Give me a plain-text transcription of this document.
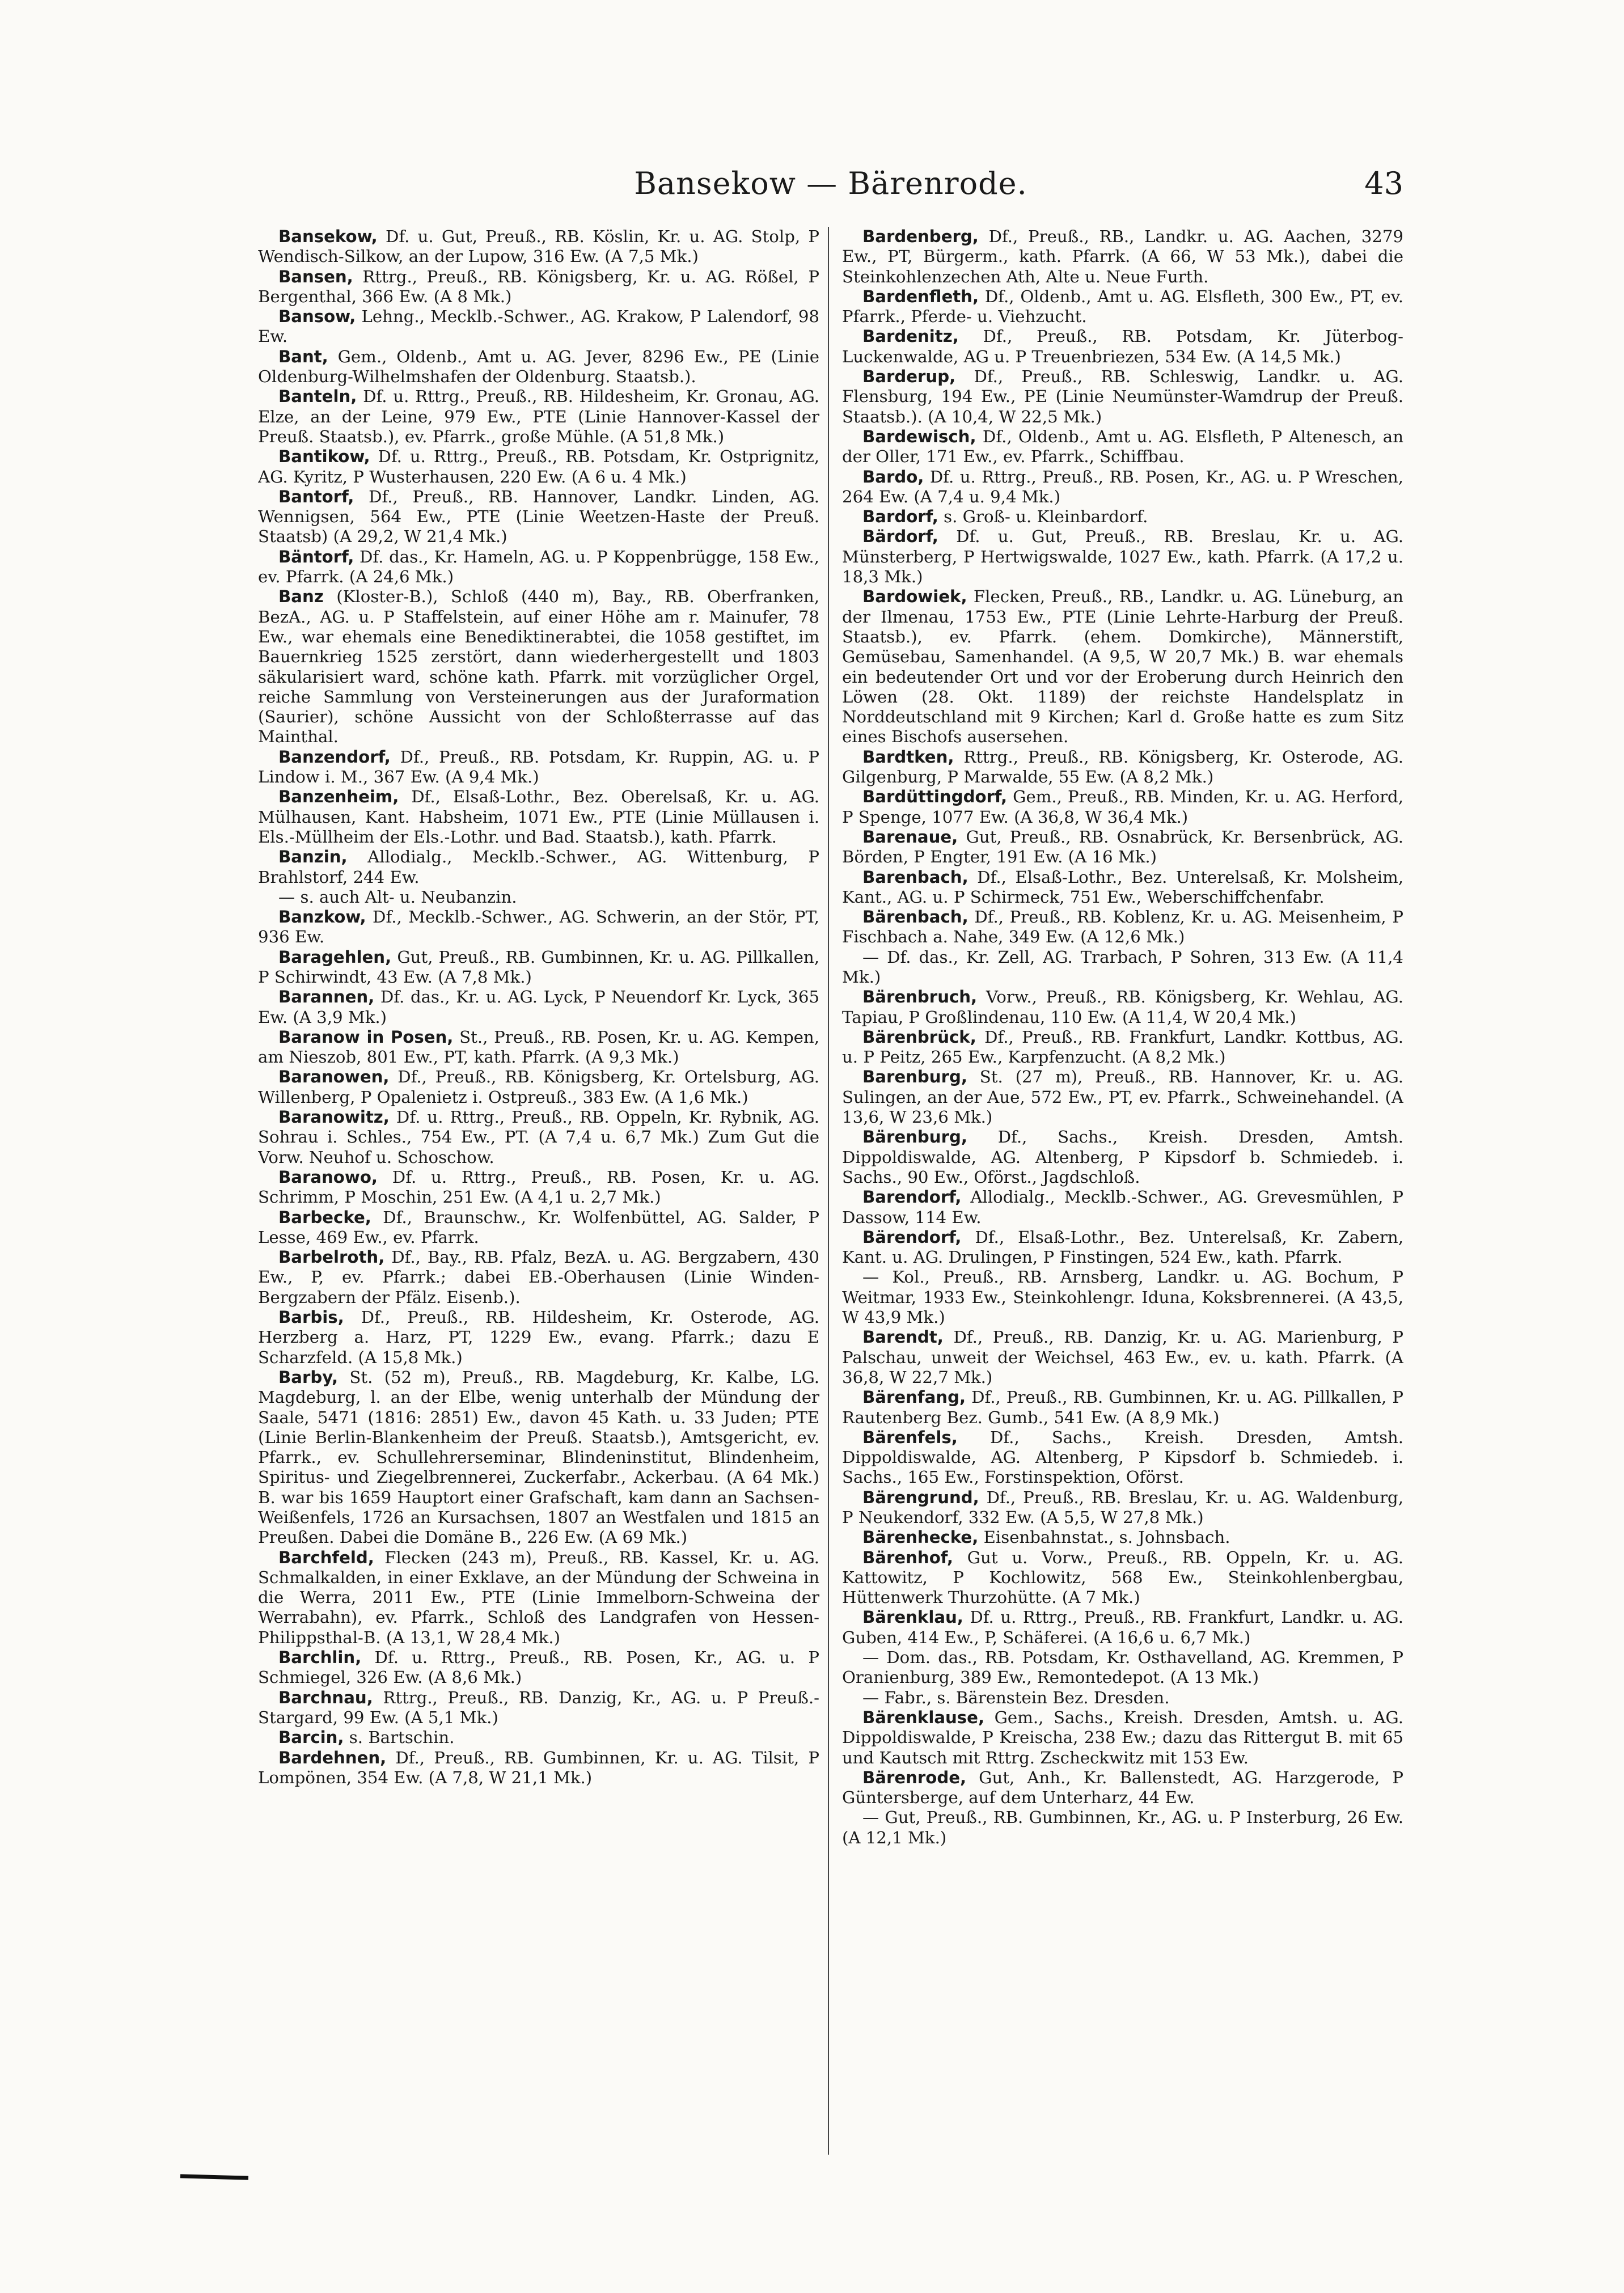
Bansekow — Bärenrode.	43

Bansekow, Df. u. Gut, Preuß., RB. Köslin, Kr. u. AG. Stolp, P Wendisch-Silkow, an der Lupow, 316 Ew. (A 7,5 Mk.)

Bansen, Rttrg., Preuß., RB. Königsberg, Kr. u. AG. Rößel, P Bergenthal, 366 Ew. (A 8 Mk.)

Bansow, Lehng., Mecklb.-Schwer., AG. Krakow, P Lalendorf, 98 Ew.

Bant, Gem., Oldenb., Amt u. AG. Jever, 8296 Ew., PE (Linie Oldenburg-Wilhelmshafen der Oldenburg. Staatsb.).

Banteln, Df. u. Rttrg., Preuß., RB. Hildesheim, Kr. Gronau, AG. Elze, an der Leine, 979 Ew., PTE (Linie Hannover-Kassel der Preuß. Staatsb.), ev. Pfarrk., große Mühle. (A 51,8 Mk.)

Bantikow, Df. u. Rttrg., Preuß., RB. Potsdam, Kr. Ostprignitz, AG. Kyritz, P Wusterhausen, 220 Ew. (A 6 u. 4 Mk.)

Bantorf, Df., Preuß., RB. Hannover, Landkr. Linden, AG. Wennigsen, 564 Ew., PTE (Linie Weetzen-Haste der Preuß. Staatsb) (A 29,2, W 21,4 Mk.)

Bäntorf, Df. das., Kr. Hameln, AG. u. P Koppenbrügge, 158 Ew., ev. Pfarrk. (A 24,6 Mk.)

Banz (Kloster-B.), Schloß (440 m), Bay., RB. Oberfranken, BezA., AG. u. P Staffelstein, auf einer Höhe am r. Mainufer, 78 Ew., war ehemals eine Benediktinerabtei, die 1058 gestiftet, im Bauernkrieg 1525 zerstört, dann wiederhergestellt und 1803 säkularisiert ward, schöne kath. Pfarrk. mit vorzüglicher Orgel, reiche Sammlung von Versteinerungen aus der Juraformation (Saurier), schöne Aussicht von der Schloßterrasse auf das Mainthal.

Banzendorf, Df., Preuß., RB. Potsdam, Kr. Ruppin, AG. u. P Lindow i. M., 367 Ew. (A 9,4 Mk.)

Banzenheim, Df., Elsaß-Lothr., Bez. Oberelsaß, Kr. u. AG. Mülhausen, Kant. Habsheim, 1071 Ew., PTE (Linie Müllausen i. Els.-Müllheim der Els.-Lothr. und Bad. Staatsb.), kath. Pfarrk.

Banzin, Allodialg., Mecklb.-Schwer., AG. Wittenburg, P Brahlstorf, 244 Ew.

— s. auch Alt- u. Neubanzin.

Banzkow, Df., Mecklb.-Schwer., AG. Schwerin, an der Stör, PT, 936 Ew.

Baragehlen, Gut, Preuß., RB. Gumbinnen, Kr. u. AG. Pillkallen, P Schirwindt, 43 Ew. (A 7,8 Mk.)

Barannen, Df. das., Kr. u. AG. Lyck, P Neuendorf Kr. Lyck, 365 Ew. (A 3,9 Mk.)

Baranow in Posen, St., Preuß., RB. Posen, Kr. u. AG. Kempen, am Nieszob, 801 Ew., PT, kath. Pfarrk. (A 9,3 Mk.)

Baranowen, Df., Preuß., RB. Königsberg, Kr. Ortelsburg, AG. Willenberg, P Opalenietz i. Ostpreuß., 383 Ew. (A 1,6 Mk.)

Baranowitz, Df. u. Rttrg., Preuß., RB. Oppeln, Kr. Rybnik, AG. Sohrau i. Schles., 754 Ew., PT. (A 7,4 u. 6,7 Mk.) Zum Gut die Vorw. Neuhof u. Schoschow.

Baranowo, Df. u. Rttrg., Preuß., RB. Posen, Kr. u. AG. Schrimm, P Moschin, 251 Ew. (A 4,1 u. 2,7 Mk.)

Barbecke, Df., Braunschw., Kr. Wolfenbüttel, AG. Salder, P Lesse, 469 Ew., ev. Pfarrk.

Barbelroth, Df., Bay., RB. Pfalz, BezA. u. AG. Bergzabern, 430 Ew., P, ev. Pfarrk.; dabei EB.-Oberhausen (Linie Winden-Bergzabern der Pfälz. Eisenb.).

Barbis, Df., Preuß., RB. Hildesheim, Kr. Osterode, AG. Herzberg a. Harz, PT, 1229 Ew., evang. Pfarrk.; dazu E Scharzfeld. (A 15,8 Mk.)

Barby, St. (52 m), Preuß., RB. Magdeburg, Kr. Kalbe, LG. Magdeburg, l. an der Elbe, wenig unterhalb der Mündung der Saale, 5471 (1816: 2851) Ew., davon 45 Kath. u. 33 Juden; PTE (Linie Berlin-Blankenheim der Preuß. Staatsb.), Amtsgericht, ev. Pfarrk., ev. Schullehrerseminar, Blindeninstitut, Blindenheim, Spiritus- und Ziegelbrennerei, Zuckerfabr., Ackerbau. (A 64 Mk.) B. war bis 1659 Hauptort einer Grafschaft, kam dann an Sachsen-Weißenfels, 1726 an Kursachsen, 1807 an Westfalen und 1815 an Preußen. Dabei die Domäne B., 226 Ew. (A 69 Mk.)

Barchfeld, Flecken (243 m), Preuß., RB. Kassel, Kr. u. AG. Schmalkalden, in einer Exklave, an der Mündung der Schweina in die Werra, 2011 Ew., PTE (Linie Immelborn-Schweina der Werrabahn), ev. Pfarrk., Schloß des Landgrafen von Hessen-Philippsthal-B. (A 13,1, W 28,4 Mk.)

Barchlin, Df. u. Rttrg., Preuß., RB. Posen, Kr., AG. u. P Schmiegel, 326 Ew. (A 8,6 Mk.)

Barchnau, Rttrg., Preuß., RB. Danzig, Kr., AG. u. P Preuß.-Stargard, 99 Ew. (A 5,1 Mk.)

Barcin, s. Bartschin.

Bardehnen, Df., Preuß., RB. Gumbinnen, Kr. u. AG. Tilsit, P Lompönen, 354 Ew. (A 7,8, W 21,1 Mk.)

Bardenberg, Df., Preuß., RB., Landkr. u. AG. Aachen, 3279 Ew., PT, Bürgerm., kath. Pfarrk. (A 66, W 53 Mk.), dabei die Steinkohlenzechen Ath, Alte u. Neue Furth.

Bardenfleth, Df., Oldenb., Amt u. AG. Elsfleth, 300 Ew., PT, ev. Pfarrk., Pferde- u. Viehzucht.

Bardenitz, Df., Preuß., RB. Potsdam, Kr. Jüterbog-Luckenwalde, AG u. P Treuenbriezen, 534 Ew. (A 14,5 Mk.)

Barderup, Df., Preuß., RB. Schleswig, Landkr. u. AG. Flensburg, 194 Ew., PE (Linie Neumünster-Wamdrup der Preuß. Staatsb.). (A 10,4, W 22,5 Mk.)

Bardewisch, Df., Oldenb., Amt u. AG. Elsfleth, P Altenesch, an der Oller, 171 Ew., ev. Pfarrk., Schiffbau.

Bardo, Df. u. Rttrg., Preuß., RB. Posen, Kr., AG. u. P Wreschen, 264 Ew. (A 7,4 u. 9,4 Mk.)

Bardorf, s. Groß- u. Kleinbardorf.

Bärdorf, Df. u. Gut, Preuß., RB. Breslau, Kr. u. AG. Münsterberg, P Hertwigswalde, 1027 Ew., kath. Pfarrk. (A 17,2 u. 18,3 Mk.)

Bardowiek, Flecken, Preuß., RB., Landkr. u. AG. Lüneburg, an der Ilmenau, 1753 Ew., PTE (Linie Lehrte-Harburg der Preuß. Staatsb.), ev. Pfarrk. (ehem. Domkirche), Männerstift, Gemüsebau, Samenhandel. (A 9,5, W 20,7 Mk.) B. war ehemals ein bedeutender Ort und vor der Eroberung durch Heinrich den Löwen (28. Okt. 1189) der reichste Handelsplatz in Norddeutschland mit 9 Kirchen; Karl d. Große hatte es zum Sitz eines Bischofs ausersehen.

Bardtken, Rttrg., Preuß., RB. Königsberg, Kr. Osterode, AG. Gilgenburg, P Marwalde, 55 Ew. (A 8,2 Mk.)

Bardüttingdorf, Gem., Preuß., RB. Minden, Kr. u. AG. Herford, P Spenge, 1077 Ew. (A 36,8, W 36,4 Mk.)

Barenaue, Gut, Preuß., RB. Osnabrück, Kr. Bersenbrück, AG. Börden, P Engter, 191 Ew. (A 16 Mk.)

Barenbach, Df., Elsaß-Lothr., Bez. Unterelsaß, Kr. Molsheim, Kant., AG. u. P Schirmeck, 751 Ew., Weberschiffchenfabr.

Bärenbach, Df., Preuß., RB. Koblenz, Kr. u. AG. Meisenheim, P Fischbach a. Nahe, 349 Ew. (A 12,6 Mk.)

— Df. das., Kr. Zell, AG. Trarbach, P Sohren, 313 Ew. (A 11,4 Mk.)

Bärenbruch, Vorw., Preuß., RB. Königsberg, Kr. Wehlau, AG. Tapiau, P Großlindenau, 110 Ew. (A 11,4, W 20,4 Mk.)

Bärenbrück, Df., Preuß., RB. Frankfurt, Landkr. Kottbus, AG. u. P Peitz, 265 Ew., Karpfenzucht. (A 8,2 Mk.)

Barenburg, St. (27 m), Preuß., RB. Hannover, Kr. u. AG. Sulingen, an der Aue, 572 Ew., PT, ev. Pfarrk., Schweinehandel. (A 13,6, W 23,6 Mk.)

Bärenburg, Df., Sachs., Kreish. Dresden, Amtsh. Dippoldiswalde, AG. Altenberg, P Kipsdorf b. Schmiedeb. i. Sachs., 90 Ew., Oförst., Jagdschloß.

Barendorf, Allodialg., Mecklb.-Schwer., AG. Grevesmühlen, P Dassow, 114 Ew.

Bärendorf, Df., Elsaß-Lothr., Bez. Unterelsaß, Kr. Zabern, Kant. u. AG. Drulingen, P Finstingen, 524 Ew., kath. Pfarrk.

— Kol., Preuß., RB. Arnsberg, Landkr. u. AG. Bochum, P Weitmar, 1933 Ew., Steinkohlengr. Iduna, Koksbrennerei. (A 43,5, W 43,9 Mk.)

Barendt, Df., Preuß., RB. Danzig, Kr. u. AG. Marienburg, P Palschau, unweit der Weichsel, 463 Ew., ev. u. kath. Pfarrk. (A 36,8, W 22,7 Mk.)

Bärenfang, Df., Preuß., RB. Gumbinnen, Kr. u. AG. Pillkallen, P Rautenberg Bez. Gumb., 541 Ew. (A 8,9 Mk.)

Bärenfels, Df., Sachs., Kreish. Dresden, Amtsh. Dippoldiswalde, AG. Altenberg, P Kipsdorf b. Schmiedeb. i. Sachs., 165 Ew., Forstinspektion, Oförst.

Bärengrund, Df., Preuß., RB. Breslau, Kr. u. AG. Waldenburg, P Neukendorf, 332 Ew. (A 5,5, W 27,8 Mk.)

Bärenhecke, Eisenbahnstat., s. Johnsbach.

Bärenhof, Gut u. Vorw., Preuß., RB. Oppeln, Kr. u. AG. Kattowitz, P Kochlowitz, 568 Ew., Steinkohlenbergbau, Hüttenwerk Thurzohütte. (A 7 Mk.)

Bärenklau, Df. u. Rttrg., Preuß., RB. Frankfurt, Landkr. u. AG. Guben, 414 Ew., P, Schäferei. (A 16,6 u. 6,7 Mk.)

— Dom. das., RB. Potsdam, Kr. Osthavelland, AG. Kremmen, P Oranienburg, 389 Ew., Remontedepot. (A 13 Mk.)

— Fabr., s. Bärenstein Bez. Dresden.

Bärenklause, Gem., Sachs., Kreish. Dresden, Amtsh. u. AG. Dippoldiswalde, P Kreischa, 238 Ew.; dazu das Rittergut B. mit 65 und Kautsch mit Rttrg. Zscheckwitz mit 153 Ew.

Bärenrode, Gut, Anh., Kr. Ballenstedt, AG. Harzgerode, P Güntersberge, auf dem Unterharz, 44 Ew.

— Gut, Preuß., RB. Gumbinnen, Kr., AG. u. P Insterburg, 26 Ew. (A 12,1 Mk.)
